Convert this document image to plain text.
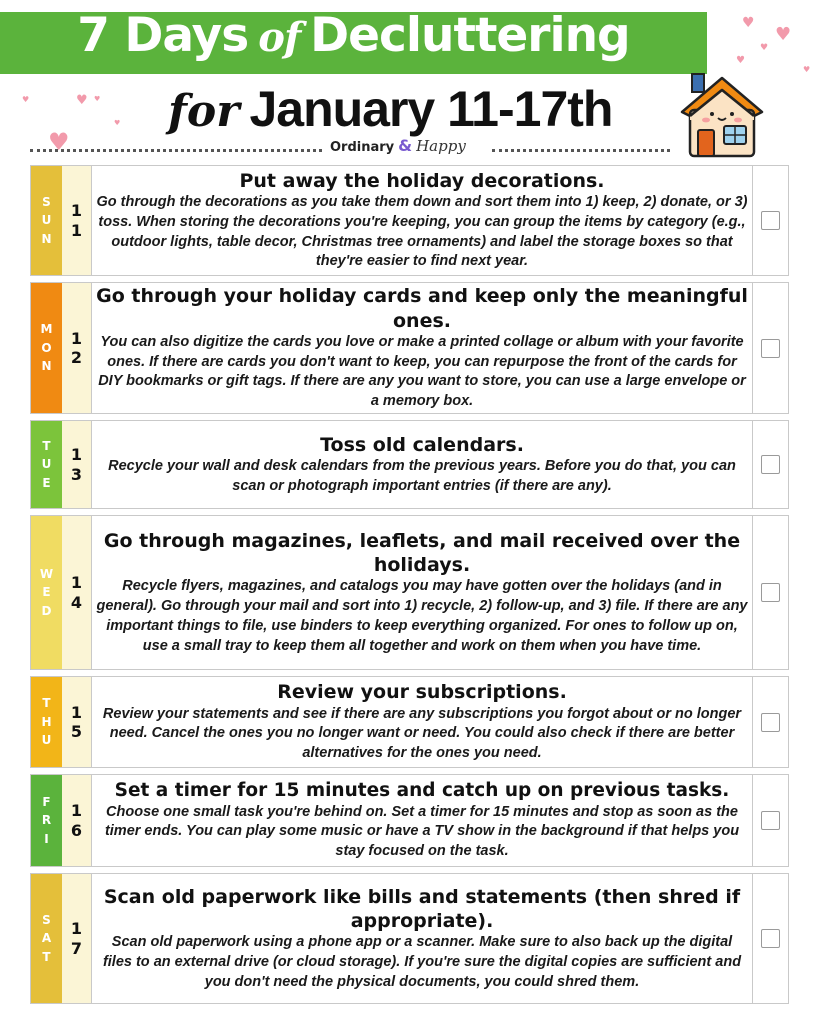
7 Days of Decluttering
for January 11-17th
Ordinary & Happy
♥
♥	♥ ♥
♥
♥
♥
♥
♥
♥
S
U
N
1
1
Put away the holiday decorations.
Go through the decorations as you take them down and sort them into 1) keep, 2) donate, or 3) toss. When storing the decorations you're keeping, you can group the items by category (e.g., outdoor lights, table decor, Christmas tree ornaments) and label the storage boxes so that they're easier to find next year.
M
O
N
1
2
Go through your holiday cards and keep only the meaningful ones.
You can also digitize the cards you love or make a printed collage or album with your favorite ones. If there are cards you don't want to keep, you can repurpose the front of the cards for DIY bookmarks or gift tags. If there are any you want to store, you can use a large envelope or a memory box.
T
U
E
1
3
Toss old calendars.
Recycle your wall and desk calendars from the previous years. Before you do that, you can scan or photograph important entries (if there are any).
W
E
D
1
4
Go through magazines, leaflets, and mail received over the holidays.
Recycle flyers, magazines, and catalogs you may have gotten over the holidays (and in general). Go through your mail and sort into 1) recycle, 2) follow-up, and 3) file. If there are any important things to file, use binders to keep everything organized. For ones to follow up on, use a small tray to keep them all together and work on them when you have time.
T
H
U
1
5
Review your subscriptions.
Review your statements and see if there are any subscriptions you forgot about or no longer need. Cancel the ones you no longer want or need. You could also check if there are better alternatives for the ones you need.
F
R
I
1
6
Set a timer for 15 minutes and catch up on previous tasks.
Choose one small task you're behind on. Set a timer for 15 minutes and stop as soon as the timer ends. You can play some music or have a TV show in the background if that helps you stay focused on the task.
S
A
T
1
7
Scan old paperwork like bills and statements (then shred if appropriate).
Scan old paperwork using a phone app or a scanner. Make sure to also back up the digital files to an external drive (or cloud storage). If you're sure the digital copies are sufficient and you don't need the physical documents, you could shred them.
